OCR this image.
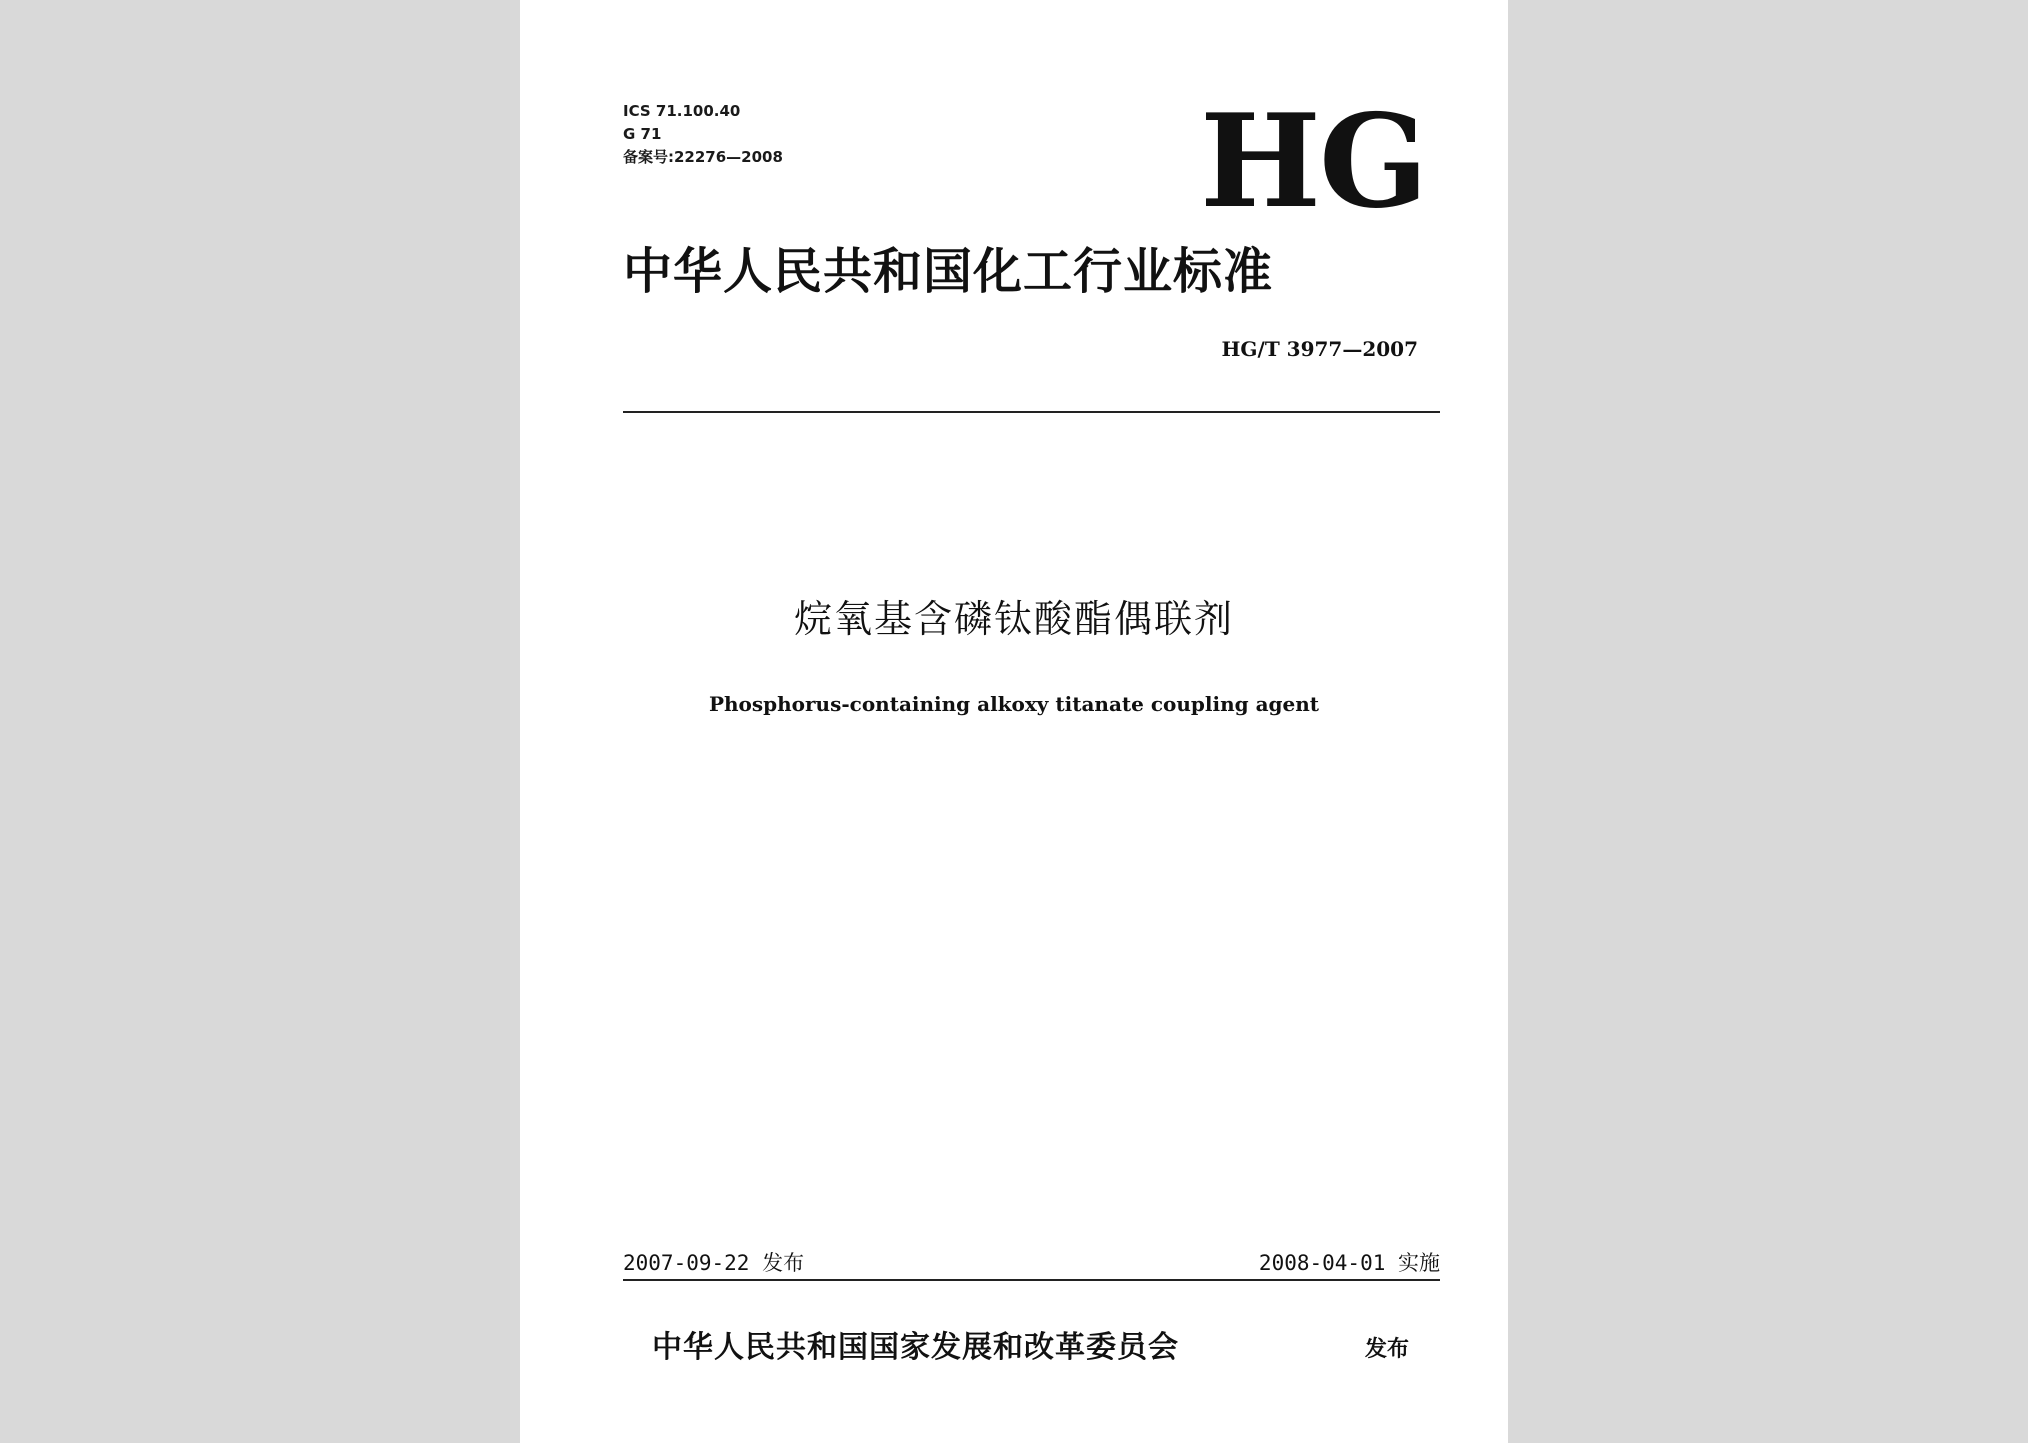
ICS 71.100.40
G 71
备案号:22276—2008	HG
中华人民共和国化工行业标准
HG/T 3977—2007
烷氧基含磷钛酸酯偶联剂
Phosphorus-containing alkoxy titanate coupling agent
2007-09-22 发布	2008-04-01 实施
中华人民共和国国家发展和改革委员会	发布
